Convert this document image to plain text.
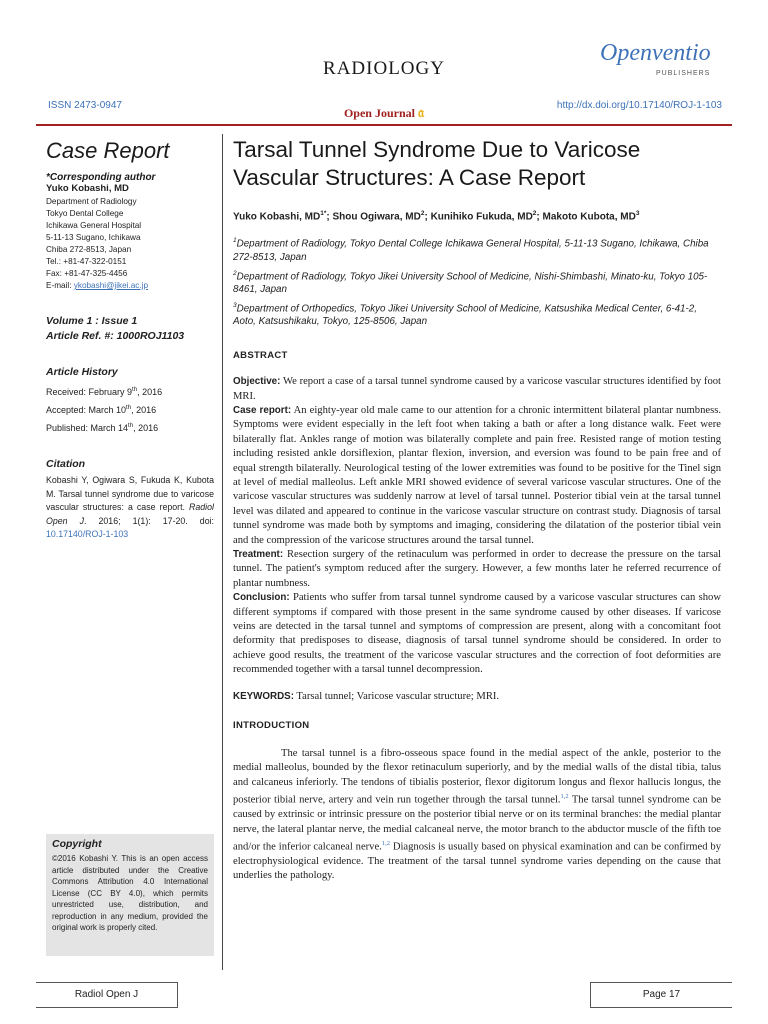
RADIOLOGY
Openventio
PUBLISHERS
ISSN 2473-0947	http://dx.doi.org/10.17140/ROJ-1-103
Open Journal 𝔞
Case Report
*Corresponding author
Yuko Kobashi, MD
Department of Radiology
Tokyo Dental College
Ichikawa General Hospital
5-11-13 Sugano, Ichikawa
Chiba 272-8513, Japan
Tel.: +81-47-322-0151
Fax: +81-47-325-4456
E-mail: ykobashi@jikei.ac.jp
Volume 1 : Issue 1
Article Ref. #: 1000ROJ1103
Article History
Received: February 9th, 2016
Accepted: March 10th, 2016
Published: March 14th, 2016
Citation
Kobashi Y, Ogiwara S, Fukuda K, Kubota M. Tarsal tunnel syndrome due to varicose vascular structures: a case report. Radiol Open J. 2016; 1(1): 17-20. doi: 10.17140/ROJ-1-103
Copyright
©2016 Kobashi Y. This is an open access article distributed under the Creative Commons Attribution 4.0 International License (CC BY 4.0), which permits unrestricted use, distribution, and reproduction in any medium, provided the original work is properly cited.
Tarsal Tunnel Syndrome Due to Varicose Vascular Structures: A Case Report
Yuko Kobashi, $MD^{1*}$; Shou Ogiwara, $MD^2$; Kunihiko Fukuda, $MD^2$; Makoto Kubota, $MD^3$
$^1$Department of Radiology, Tokyo Dental College Ichikawa General Hospital, 5-11-13 Sugano, Ichikawa, Chiba 272-8513, Japan
$^2$Department of Radiology, Tokyo Jikei University School of Medicine, Nishi-Shimbashi, Minato-ku, Tokyo 105-8461, Japan
$^3$Department of Orthopedics, Tokyo Jikei University School of Medicine, Katsushika Medical Center, 6-41-2, Aoto, Katsushikaku, Tokyo, 125-8506, Japan
ABSTRACT
Objective: We report a case of a tarsal tunnel syndrome caused by a varicose vascular structures identified by foot MRI.
Case report: An eighty-year old male came to our attention for a chronic intermittent bilateral plantar numbness. Symptoms were evident especially in the left foot when taking a bath or after a long distance walk. Feet were bilaterally flat. Ankles range of motion was bilaterally complete and pain free. Resisted range of motion testing including resisted ankle dorsiflexion, plantar flexion, inversion, and eversion was found to be pain free and of equal strength bilaterally. Neurological testing of the lower extremities was found to be positive for the Tinel sign at level of medial malleolus. Left ankle MRI showed evidence of several varicose vascular structures. One of the varicose vascular structures was suddenly narrow at level of tarsal tunnel. Posterior tibial vein at the tarsal tunnel level was dilated and appeared to continue in the varicose vascular structure on contrast study. Diagnosis of tarsal tunnel syndrome was made both by symptoms and imaging, considering the dilatation of the posterior tibial vein and the compression of the varicose structures around the tarsal tunnel.
Treatment: Resection surgery of the retinaculum was performed in order to decrease the pressure on the tarsal tunnel. The patient's symptom reduced after the surgery. However, a few months later he referred recurrence of plantar numbness.
Conclusion: Patients who suffer from tarsal tunnel syndrome caused by a varicose vascular structures can show different symptoms if compared with those present in the same syndrome caused by other diseases. If varicose veins are detected in the tarsal tunnel and symptoms of compression are present, along with a concomitant foot deformity that predisposes to disease, diagnosis of tarsal tunnel syndrome should be considered. In order to achieve good results, the treatment of the varicose vascular structures and the correction of foot deformities are recommended together with a tarsal tunnel decompression.
KEYWORDS: Tarsal tunnel; Varicose vascular structure; MRI.
INTRODUCTION
The tarsal tunnel is a fibro-osseous space found in the medial aspect of the ankle, posterior to the medial malleolus, bounded by the flexor retinaculum superiorly, and by the medial walls of the distal tibia, talus and calcaneus inferiorly. The tendons of tibialis posterior, flexor digitorum longus and flexor hallucis longus, the posterior tibial nerve, artery and vein run together through the tarsal tunnel.$^{1,2}$ The tarsal tunnel syndrome can be caused by extrinsic or intrinsic pressure on the posterior tibial nerve or on its terminal branches: the medial plantar nerve, the lateral plantar nerve, the medial calcaneal nerve, the motor branch to the abductor muscle of the fifth toe and/or the inferior calcaneal nerve.$^{1,2}$ Diagnosis is usually based on physical examination and can be confirmed by electrophysiological evidence. The treatment of the tarsal tunnel syndrome varies depending on the cause that underlies the pathology.
Radiol Open J	Page 17
